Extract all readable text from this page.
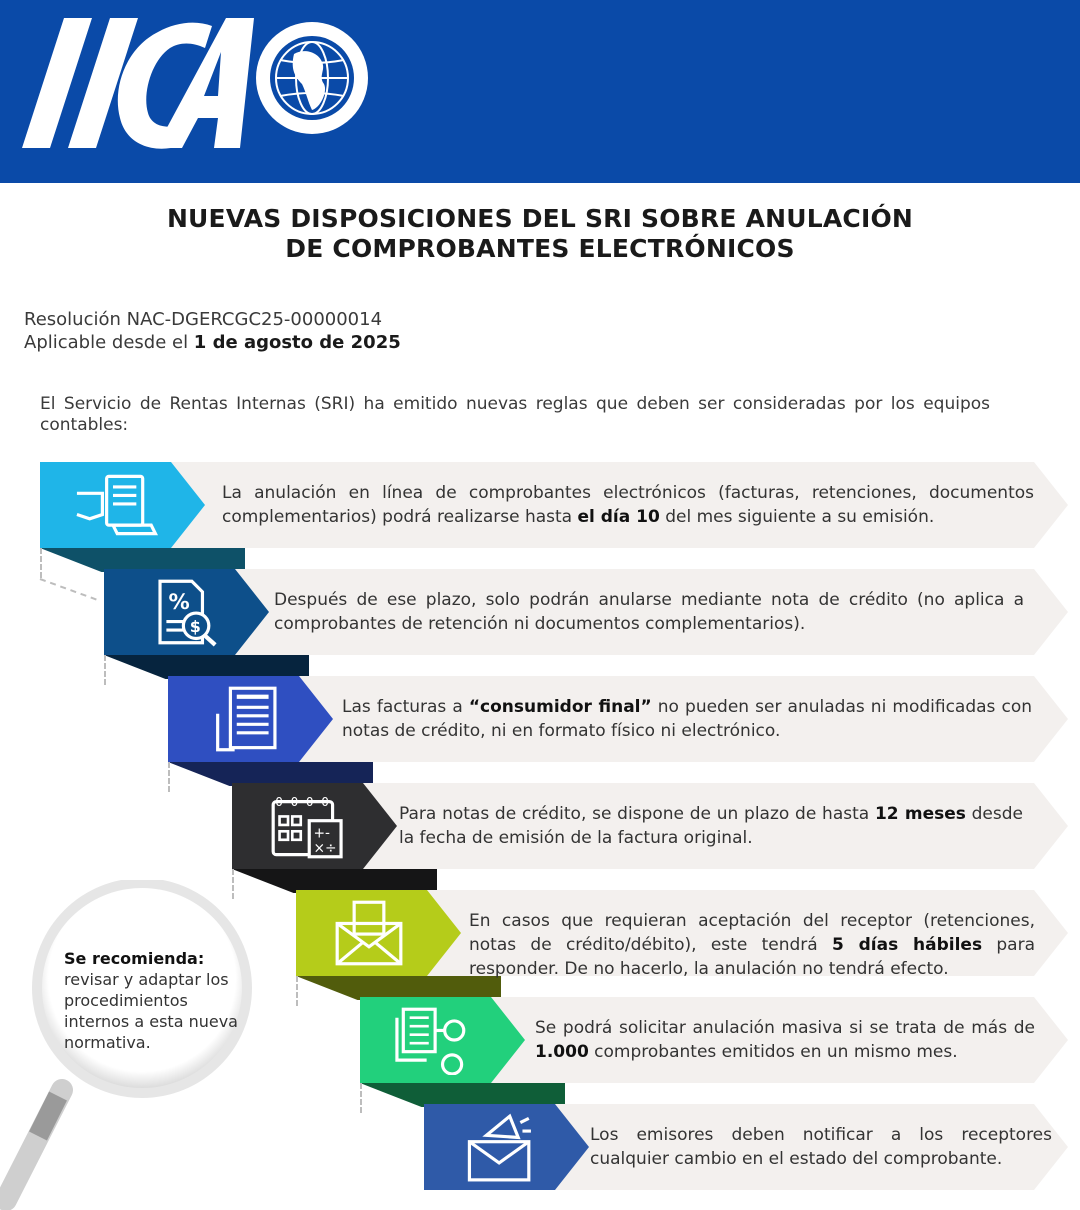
NUEVAS DISPOSICIONES DEL SRI SOBRE ANULACIÓN
DE COMPROBANTES ELECTRÓNICOS
Resolución NAC-DGERCGC25-00000014
Aplicable desde el 1 de agosto de 2025
El Servicio de Rentas Internas (SRI) ha emitido nuevas reglas que deben ser consideradas por los equipos contables:
La anulación en línea de comprobantes electrónicos (facturas, retenciones, documentos complementarios) podrá realizarse hasta el día 10 del mes siguiente a su emisión.
%
$
Después de ese plazo, solo podrán anularse mediante nota de crédito (no aplica a comprobantes de retención ni documentos complementarios).
Las facturas a “consumidor final” no pueden ser anuladas ni modificadas con notas de crédito, ni en formato físico ni electrónico.
0-0-0-0
+-
×÷
Para notas de crédito, se dispone de un plazo de hasta 12 meses desde la fecha de emisión de la factura original.
En casos que requieran aceptación del receptor (retenciones, notas de crédito/débito), este tendrá 5 días hábiles para responder. De no hacerlo, la anulación no tendrá efecto.
Se podrá solicitar anulación masiva si se trata de más de 1.000 comprobantes emitidos en un mismo mes.
Los emisores deben notificar a los receptores cualquier cambio en el estado del comprobante.
Se recomienda:
revisar y adaptar los procedimientos internos a esta nueva normativa.
